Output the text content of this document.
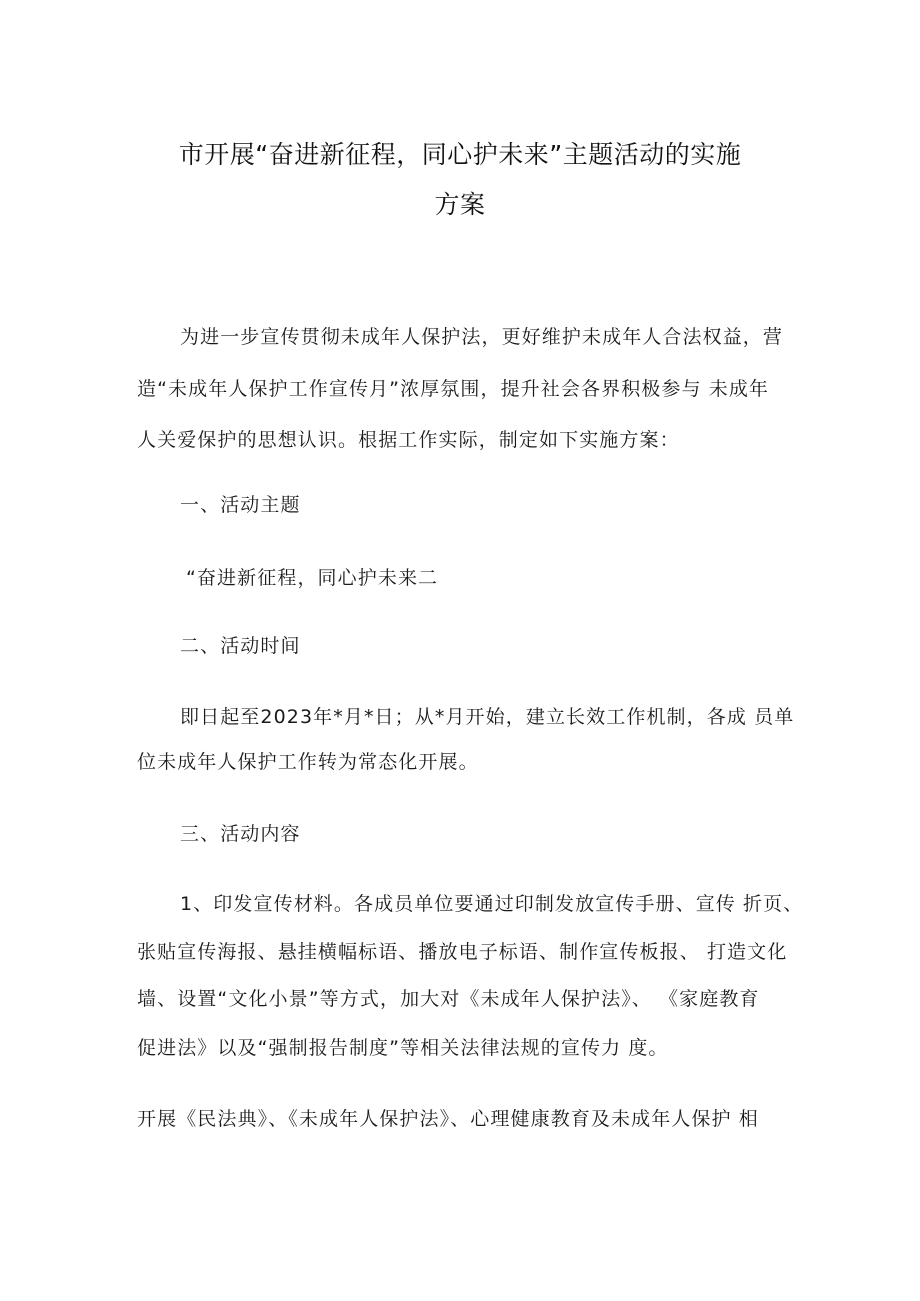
市开展“奋进新征程，同心护未来”主题活动的实施
方案
为进一步宣传贯彻未成年人保护法，更好维护未成年人合法权益，营
造“未成年人保护工作宣传月”浓厚氛围，提升社会各界积极参与 未成年
人关爱保护的思想认识。根据工作实际，制定如下实施方案：
一、活动主题
“奋进新征程，同心护未来二
二、活动时间
即日起至2023年*月*日；从*月开始，建立长效工作机制，各成 员单
位未成年人保护工作转为常态化开展。
三、活动内容
1、印发宣传材料。各成员单位要通过印制发放宣传手册、宣传 折页、
张贴宣传海报、悬挂横幅标语、播放电子标语、制作宣传板报、 打造文化
墙、设置“文化小景”等方式，加大对《未成年人保护法》、 《家庭教育
促进法》以及“强制报告制度”等相关法律法规的宣传力 度。
开展《民法典》、《未成年人保护法》、心理健康教育及未成年人保护 相
